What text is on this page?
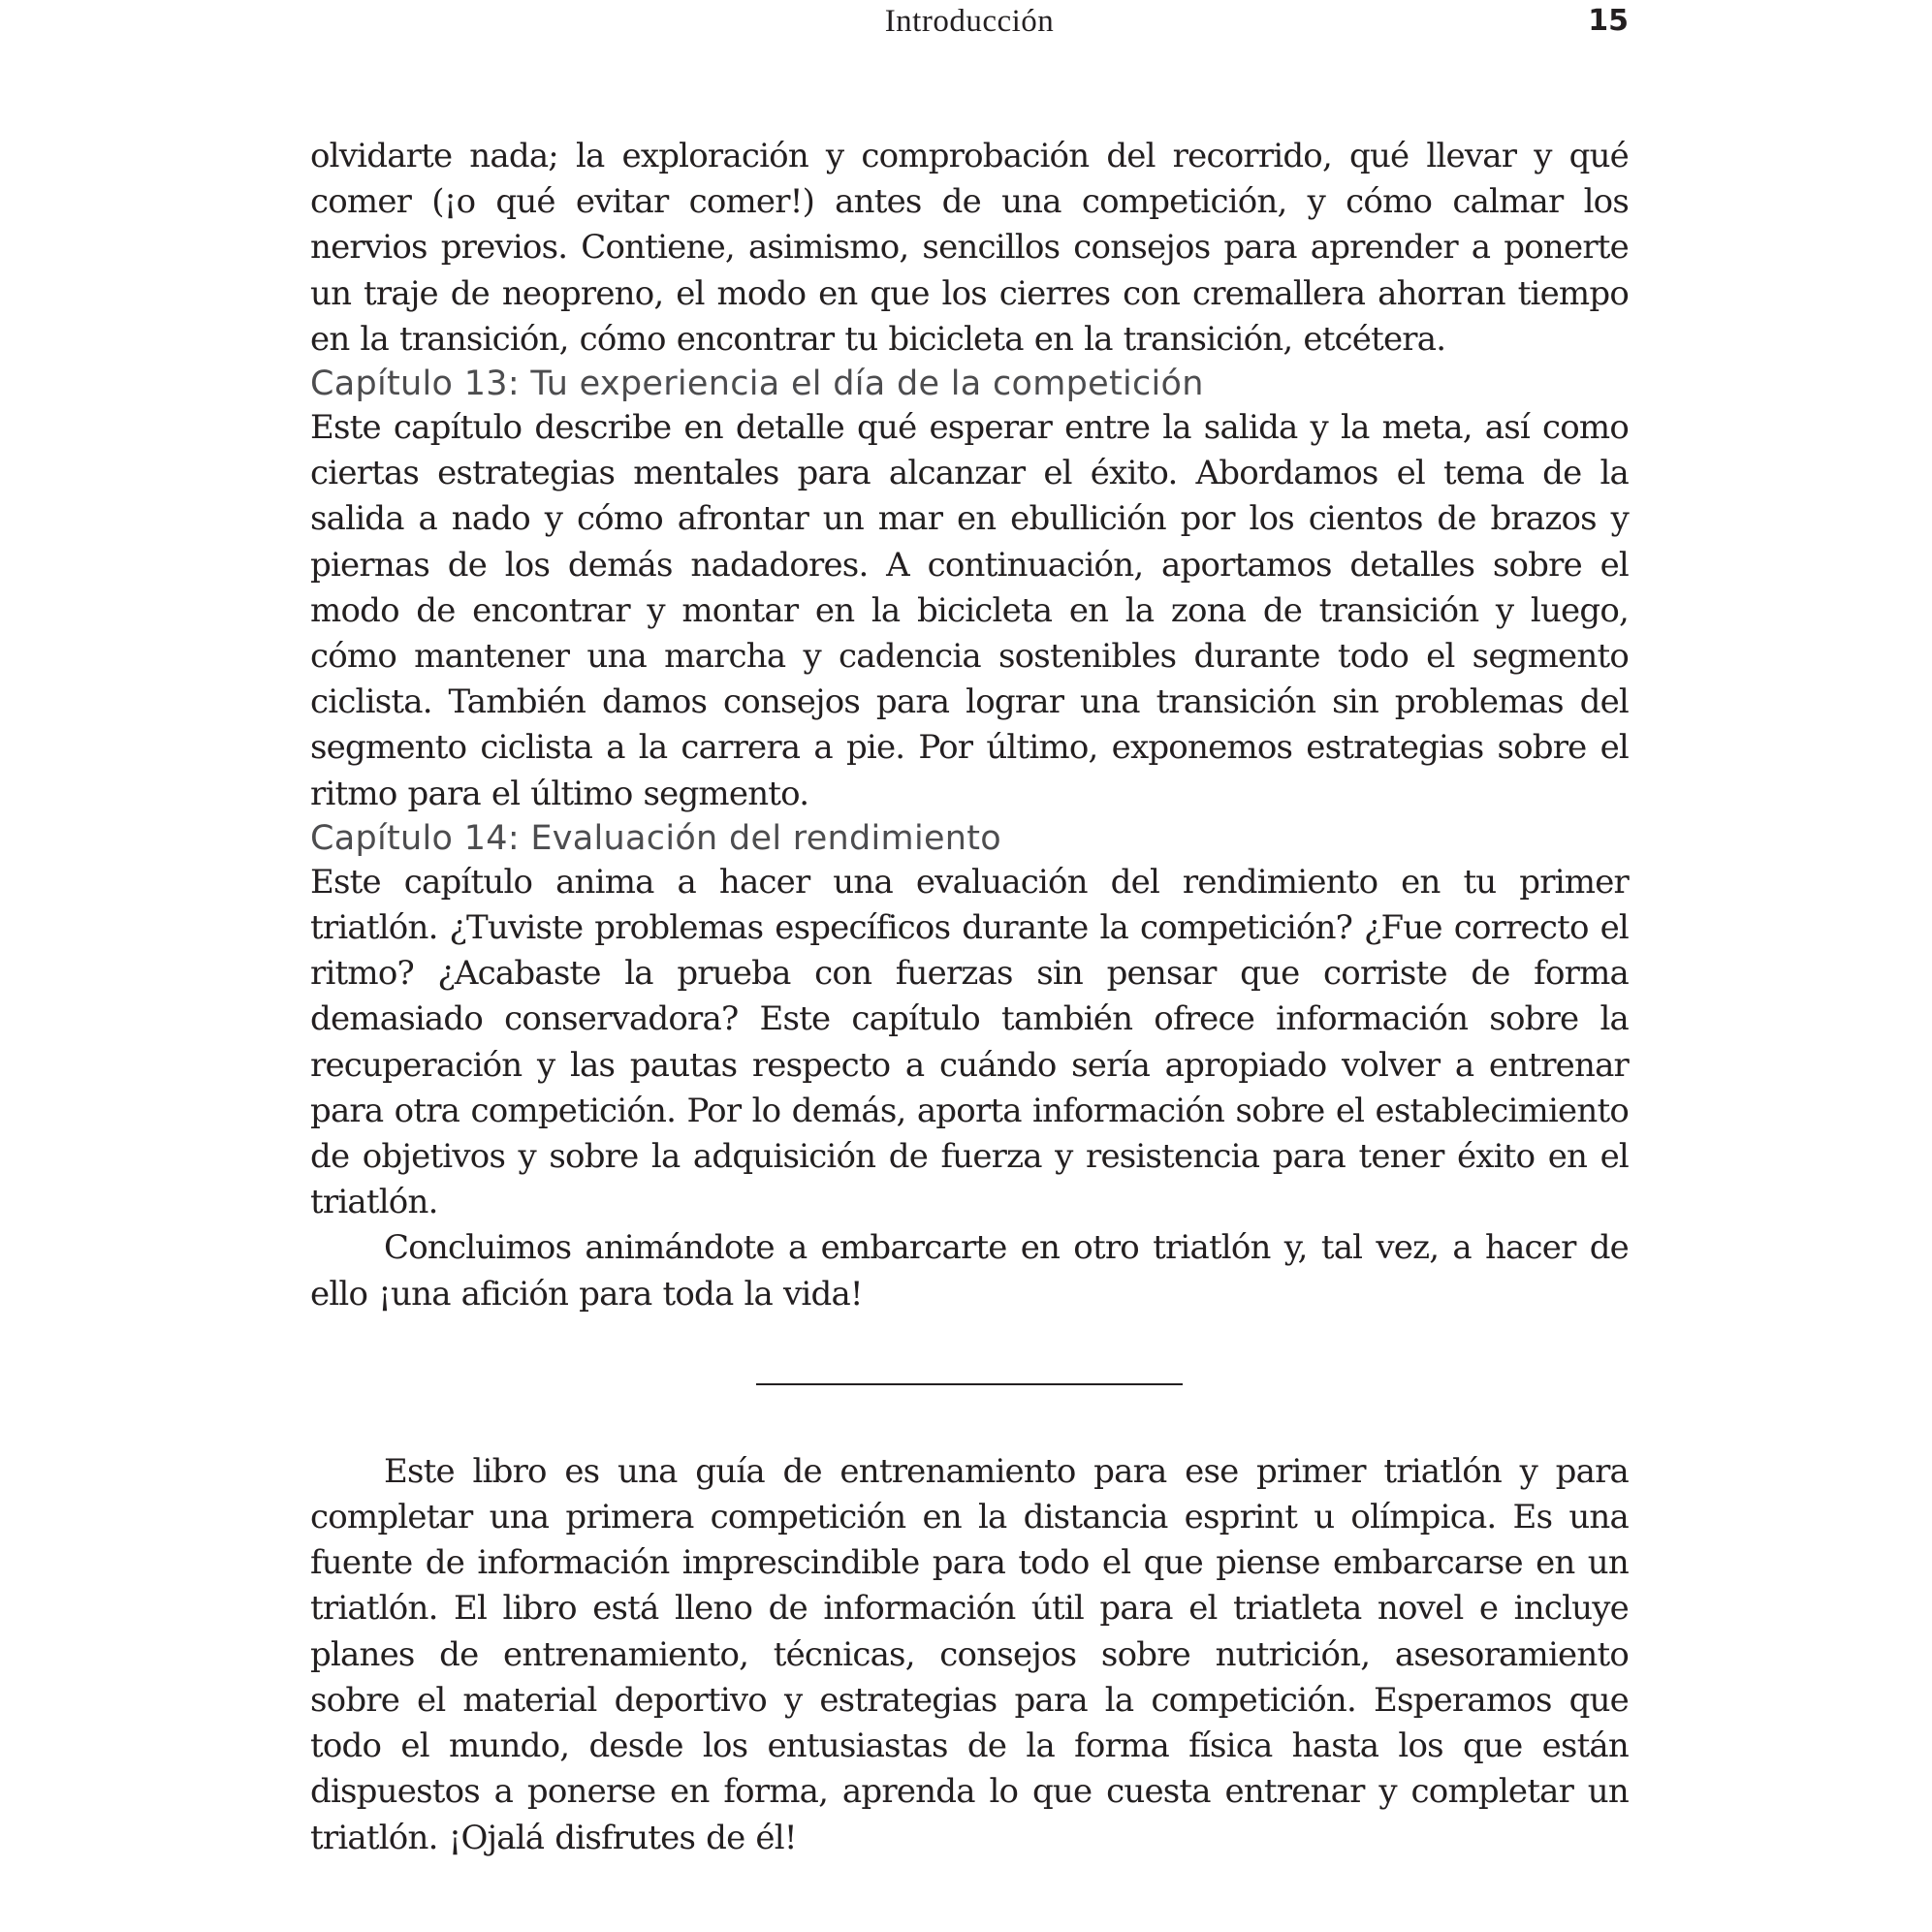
Introducción	15

olvidarte nada; la exploración y comprobación del recorrido, qué llevar y qué comer (¡o qué evitar comer!) antes de una competición, y cómo calmar los nervios previos. Contiene, asimismo, sencillos consejos para aprender a ponerte un traje de neopreno, el modo en que los cierres con cremallera ahorran tiempo en la transición, cómo encontrar tu bicicleta en la transición, etcétera.

Capítulo 13: Tu experiencia el día de la competición

Este capítulo describe en detalle qué esperar entre la salida y la meta, así como ciertas estrategias mentales para alcanzar el éxito. Abordamos el tema de la salida a nado y cómo afrontar un mar en ebullición por los cientos de brazos y piernas de los demás nadadores. A continuación, aportamos detalles sobre el modo de encontrar y montar en la bicicleta en la zona de transición y luego, cómo mantener una marcha y cadencia sostenibles durante todo el segmento ciclista. También damos consejos para lograr una transición sin problemas del segmento ciclista a la carrera a pie. Por último, exponemos estrategias sobre el ritmo para el último segmento.

Capítulo 14: Evaluación del rendimiento

Este capítulo anima a hacer una evaluación del rendimiento en tu primer triatlón. ¿Tuviste problemas específicos durante la competición? ¿Fue correcto el ritmo? ¿Acabaste la prueba con fuerzas sin pensar que corriste de forma demasiado conservadora? Este capítulo también ofrece información sobre la recuperación y las pautas respecto a cuándo sería apropiado volver a entrenar para otra competición. Por lo demás, aporta información sobre el establecimiento de objetivos y sobre la adquisición de fuerza y resistencia para tener éxito en el triatlón.

Concluimos animándote a embarcarte en otro triatlón y, tal vez, a hacer de ello ¡una afición para toda la vida!

Este libro es una guía de entrenamiento para ese primer triatlón y para completar una primera competición en la distancia esprint u olímpica. Es una fuente de información imprescindible para todo el que piense embarcarse en un triatlón. El libro está lleno de información útil para el triatleta novel e incluye planes de entrenamiento, técnicas, consejos sobre nutrición, asesoramiento sobre el material deportivo y estrategias para la competición. Esperamos que todo el mundo, desde los entusiastas de la forma física hasta los que están dispuestos a ponerse en forma, aprenda lo que cuesta entrenar y completar un triatlón. ¡Ojalá disfrutes de él!
